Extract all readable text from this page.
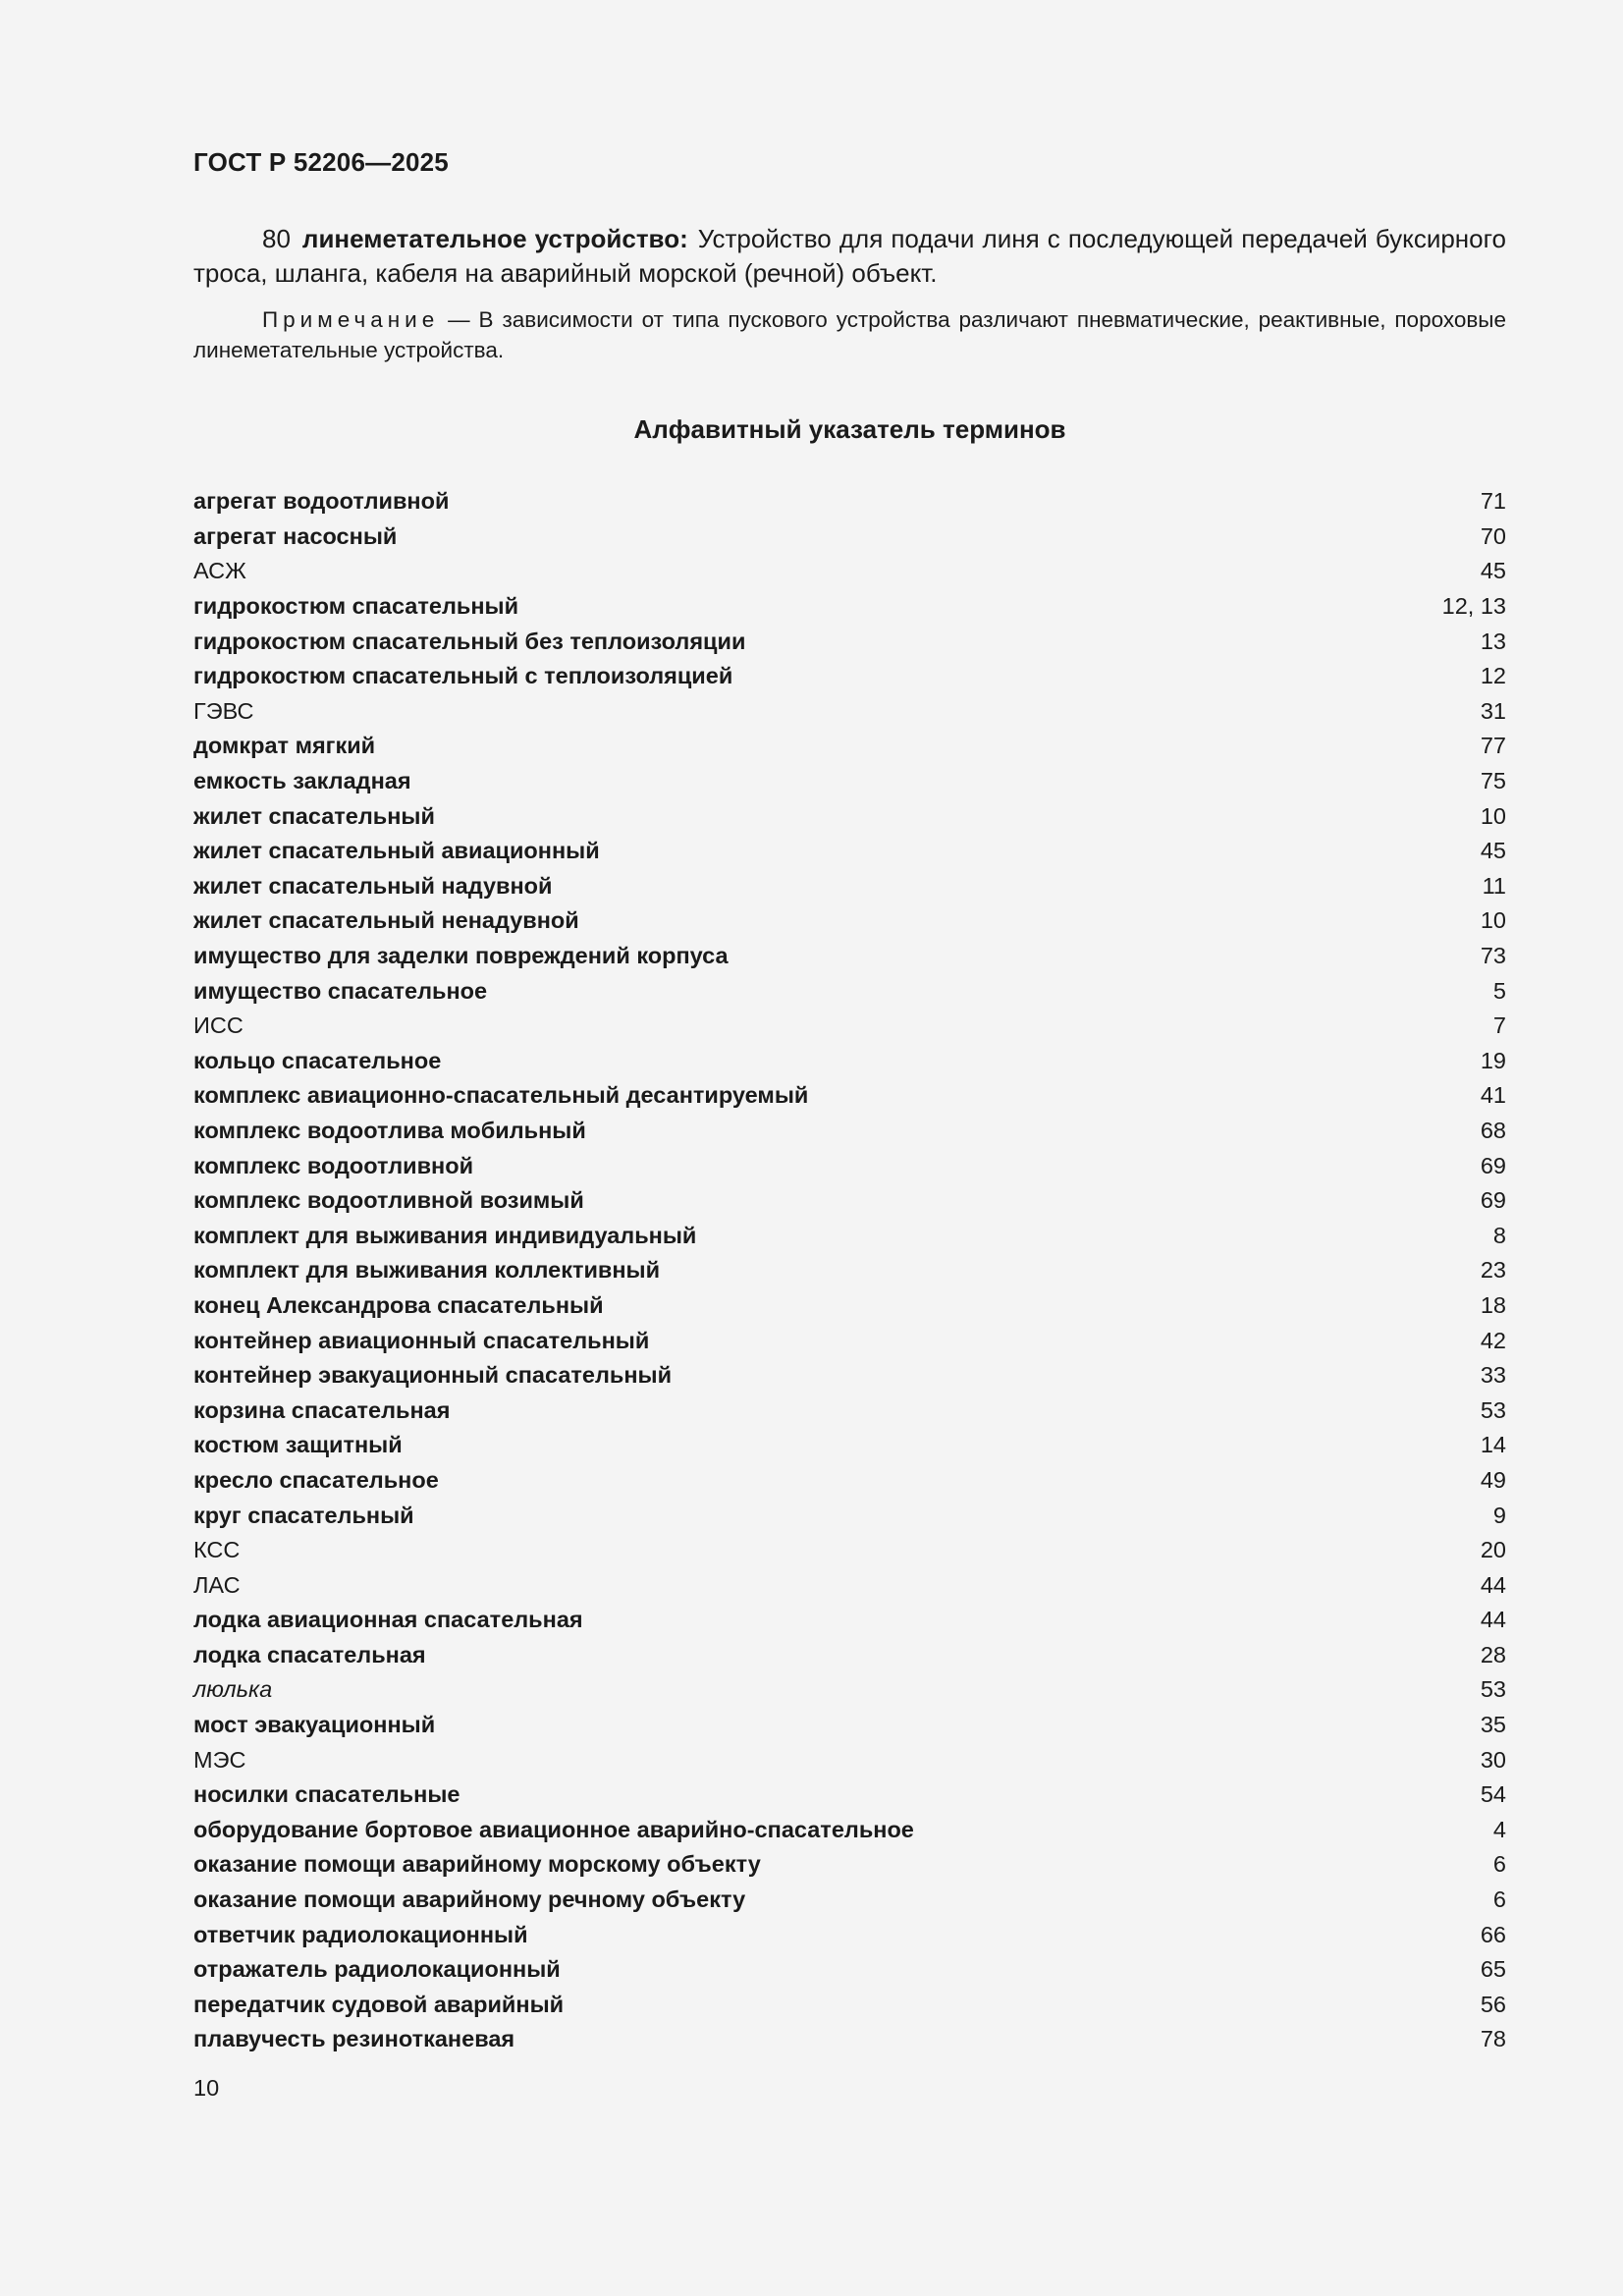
ГОСТ Р 52206—2025

80 линеметательное устройство: Устройство для подачи линя с последующей передачей буксирного троса, шланга, кабеля на аварийный морской (речной) объект.

Примечание — В зависимости от типа пускового устройства различают пневматические, реактивные, пороховые линеметательные устройства.

Алфавитный указатель терминов
агрегат водоотливной	71
агрегат насосный	70
АСЖ	45
гидрокостюм спасательный	12, 13
гидрокостюм спасательный без теплоизоляции	13
гидрокостюм спасательный с теплоизоляцией	12
ГЭВС	31
домкрат мягкий	77
емкость закладная	75
жилет спасательный	10
жилет спасательный авиационный	45
жилет спасательный надувной	11
жилет спасательный ненадувной	10
имущество для заделки повреждений корпуса	73
имущество спасательное	5
ИСС	7
кольцо спасательное	19
комплекс авиационно-спасательный десантируемый	41
комплекс водоотлива мобильный	68
комплекс водоотливной	69
комплекс водоотливной возимый	69
комплект для выживания индивидуальный	8
комплект для выживания коллективный	23
конец Александрова спасательный	18
контейнер авиационный спасательный	42
контейнер эвакуационный спасательный	33
корзина спасательная	53
костюм защитный	14
кресло спасательное	49
круг спасательный	9
КСС	20
ЛАС	44
лодка авиационная спасательная	44
лодка спасательная	28
люлька	53
мост эвакуационный	35
МЭС	30
носилки спасательные	54
оборудование бортовое авиационное аварийно-спасательное	4
оказание помощи аварийному морскому объекту	6
оказание помощи аварийному речному объекту	6
ответчик радиолокационный	66
отражатель радиолокационный	65
передатчик судовой аварийный	56
плавучесть резинотканевая	78
10
